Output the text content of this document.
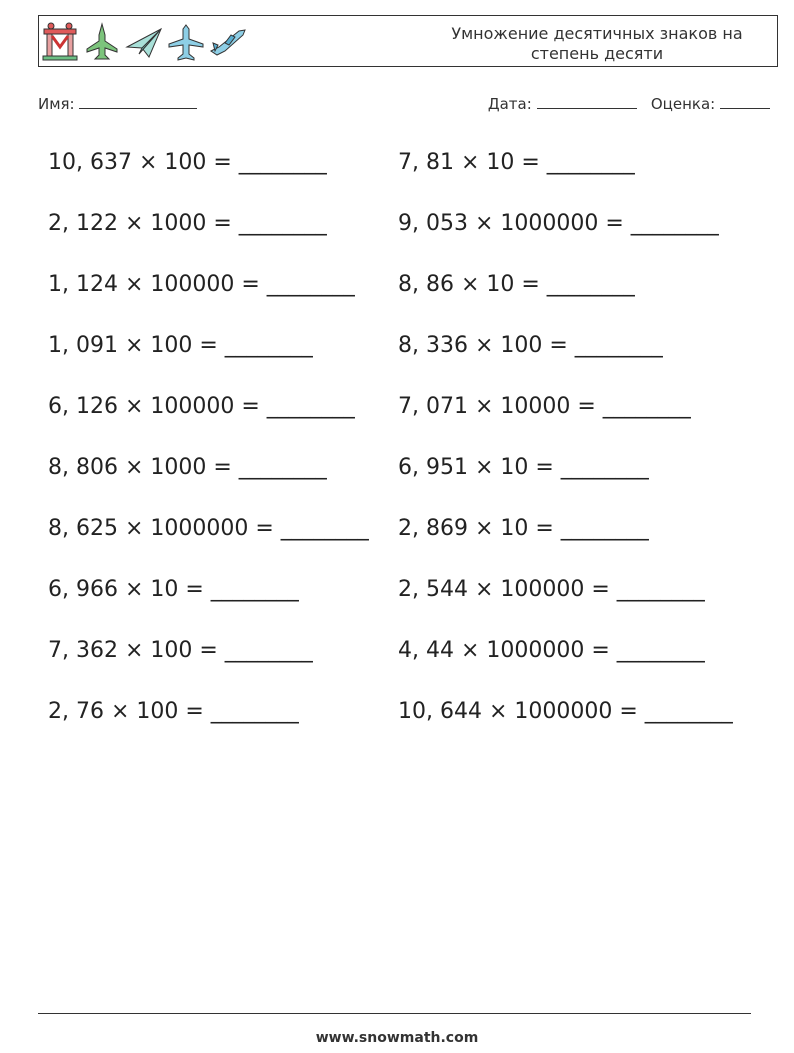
Умножение десятичных знаков на
степень десяти
Имя:	Дата:	Оценка:
10, 637 × 100 = ________
2, 122 × 1000 = ________
1, 124 × 100000 = ________
1, 091 × 100 = ________
6, 126 × 100000 = ________
8, 806 × 1000 = ________
8, 625 × 1000000 = ________
6, 966 × 10 = ________
7, 362 × 100 = ________
2, 76 × 100 = ________
7, 81 × 10 = ________
9, 053 × 1000000 = ________
8, 86 × 10 = ________
8, 336 × 100 = ________
7, 071 × 10000 = ________
6, 951 × 10 = ________
2, 869 × 10 = ________
2, 544 × 100000 = ________
4, 44 × 1000000 = ________
10, 644 × 1000000 = ________
www.snowmath.com
